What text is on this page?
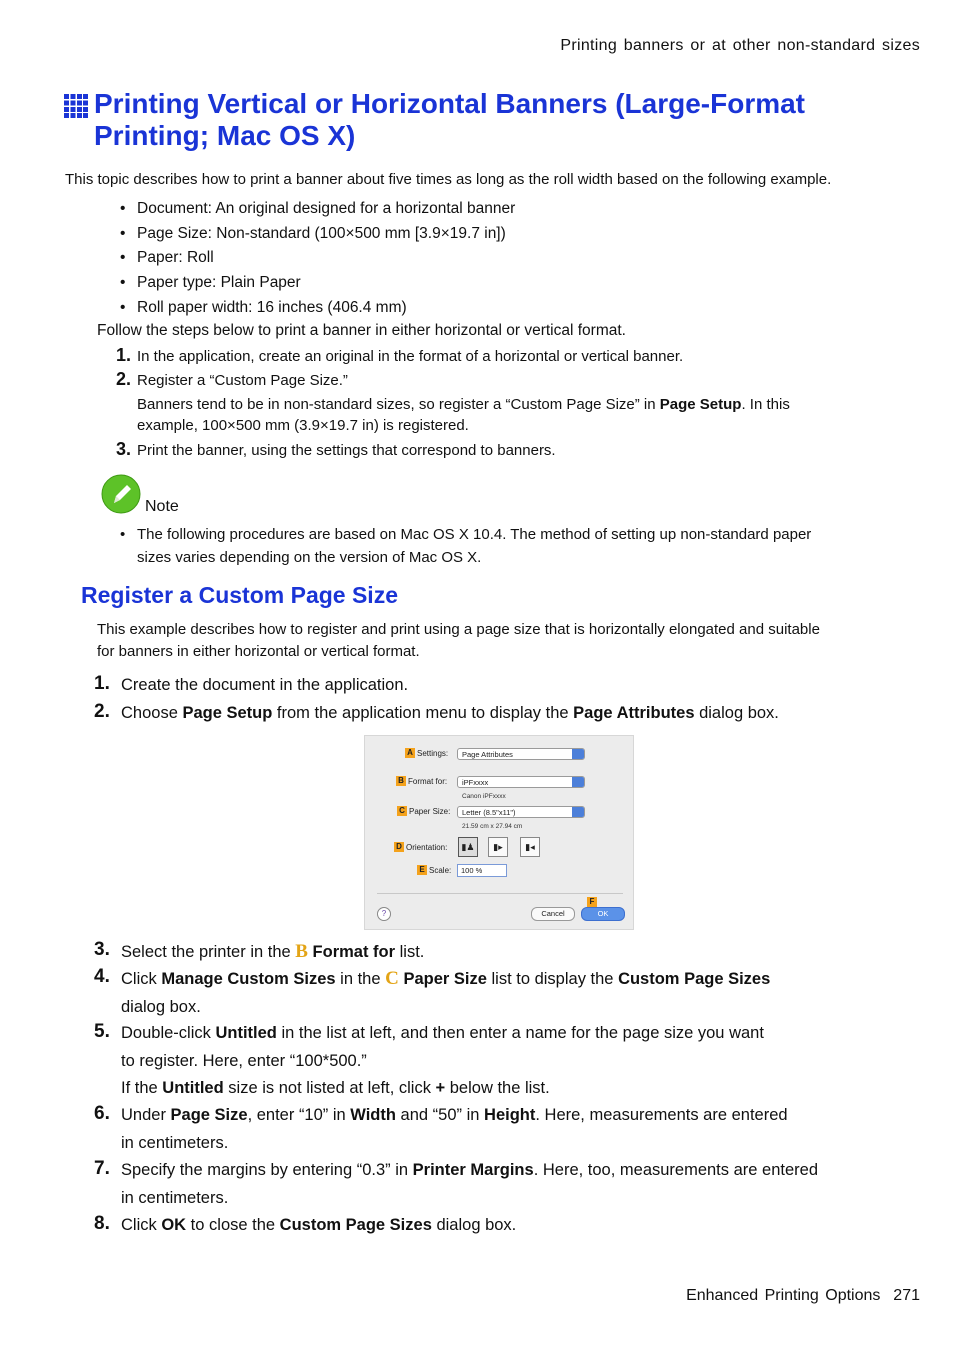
Printing banners or at other non-standard sizes
Enhanced Printing Options 271
Printing Vertical or Horizontal Banners (Large-Format Printing; Mac OS X)
This topic describes how to print a banner about five times as long as the roll width based on the following example.
• Document: An original designed for a horizontal banner
• Page Size: Non-standard (100×500 mm [3.9×19.7 in])
• Paper: Roll
• Paper type: Plain Paper
• Roll paper width: 16 inches (406.4 mm)
Follow the steps below to print a banner in either horizontal or vertical format.
1. In the application, create an original in the format of a horizontal or vertical banner.
2. Register a “Custom Page Size.”
Banners tend to be in non-standard sizes, so register a “Custom Page Size” in Page Setup. In this
example, 100×500 mm (3.9×19.7 in) is registered.
3. Print the banner, using the settings that correspond to banners.
Note
• The following procedures are based on Mac OS X 10.4. The method of setting up non-standard paper
sizes varies depending on the version of Mac OS X.
Register a Custom Page Size
This example describes how to register and print using a page size that is horizontally elongated and suitable
for banners in either horizontal or vertical format.
1. Create the document in the application.
2. Choose Page Setup from the application menu to display the Page Attributes dialog box.
A Settings:	Page Attributes
B Format for:	iPFxxxx
Canon iPFxxxx
C Paper Size:	Letter (8.5"x11")
21.59 cm x 27.94 cm
D Orientation:	▮♟	▮▸	▮◂
E Scale:	100 %
F
?	Cancel	OK
3. Select the printer in the B Format for list.
4. Click Manage Custom Sizes in the C Paper Size list to display the Custom Page Sizes
dialog box.
5. Double-click Untitled in the list at left, and then enter a name for the page size you want
to register. Here, enter “100*500.”
If the Untitled size is not listed at left, click + below the list.
6. Under Page Size, enter “10” in Width and “50” in Height. Here, measurements are entered
in centimeters.
7. Specify the margins by entering “0.3” in Printer Margins. Here, too, measurements are entered
in centimeters.
8. Click OK to close the Custom Page Sizes dialog box.
